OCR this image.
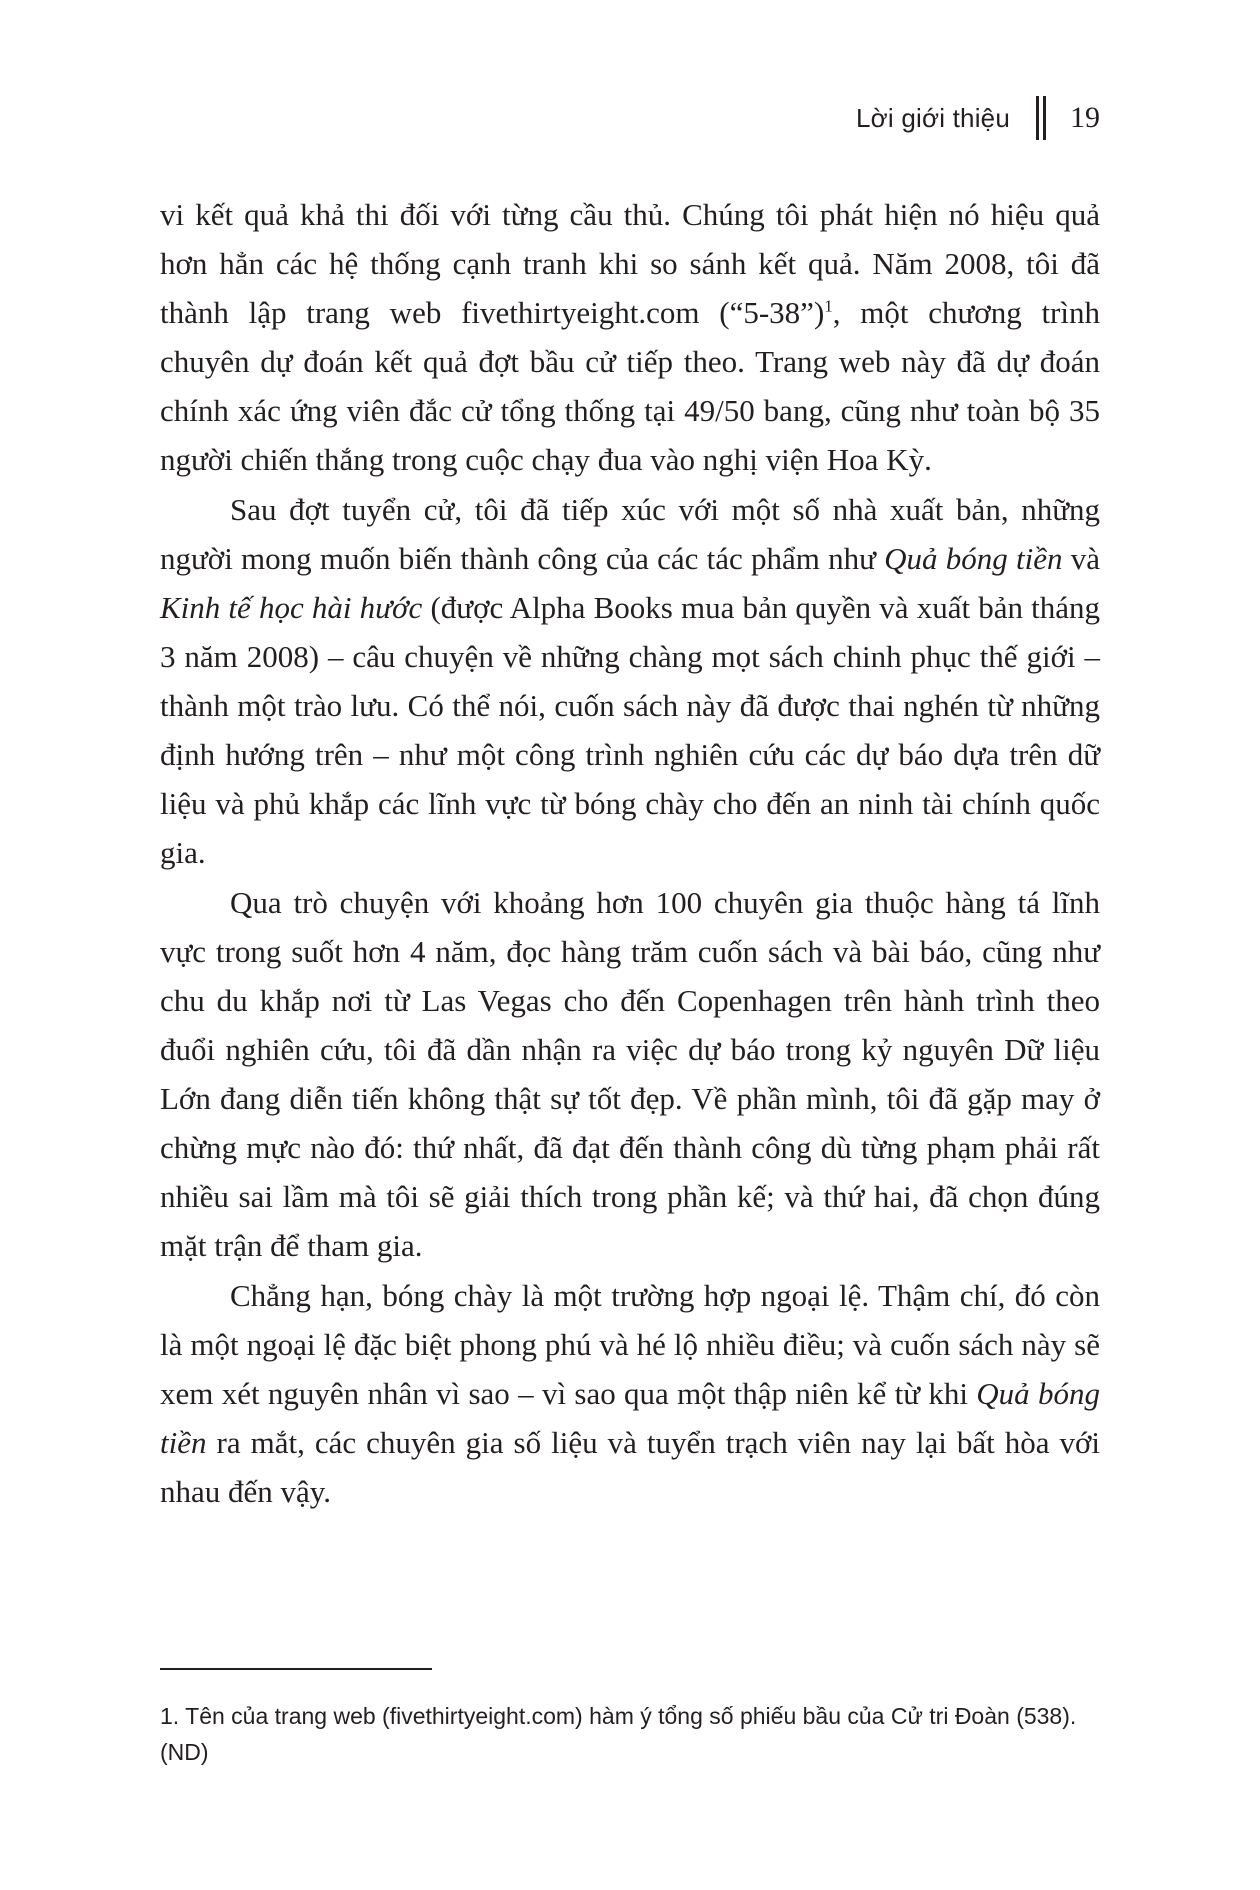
Lời giới thiệu 19

vi kết quả khả thi đối với từng cầu thủ. Chúng tôi phát hiện nó hiệu quả hơn hẳn các hệ thống cạnh tranh khi so sánh kết quả. Năm 2008, tôi đã thành lập trang web fivethirtyeight.com (“5-38”)$^1$, một chương trình chuyên dự đoán kết quả đợt bầu cử tiếp theo. Trang web này đã dự đoán chính xác ứng viên đắc cử tổng thống tại 49/50 bang, cũng như toàn bộ 35 người chiến thắng trong cuộc chạy đua vào nghị viện Hoa Kỳ.

Sau đợt tuyển cử, tôi đã tiếp xúc với một số nhà xuất bản, những người mong muốn biến thành công của các tác phẩm như Quả bóng tiền và Kinh tế học hài hước (được Alpha Books mua bản quyền và xuất bản tháng 3 năm 2008) – câu chuyện về những chàng mọt sách chinh phục thế giới – thành một trào lưu. Có thể nói, cuốn sách này đã được thai nghén từ những định hướng trên – như một công trình nghiên cứu các dự báo dựa trên dữ liệu và phủ khắp các lĩnh vực từ bóng chày cho đến an ninh tài chính quốc gia.

Qua trò chuyện với khoảng hơn 100 chuyên gia thuộc hàng tá lĩnh vực trong suốt hơn 4 năm, đọc hàng trăm cuốn sách và bài báo, cũng như chu du khắp nơi từ Las Vegas cho đến Copenhagen trên hành trình theo đuổi nghiên cứu, tôi đã dần nhận ra việc dự báo trong kỷ nguyên Dữ liệu Lớn đang diễn tiến không thật sự tốt đẹp. Về phần mình, tôi đã gặp may ở chừng mực nào đó: thứ nhất, đã đạt đến thành công dù từng phạm phải rất nhiều sai lầm mà tôi sẽ giải thích trong phần kế; và thứ hai, đã chọn đúng mặt trận để tham gia.

Chẳng hạn, bóng chày là một trường hợp ngoại lệ. Thậm chí, đó còn là một ngoại lệ đặc biệt phong phú và hé lộ nhiều điều; và cuốn sách này sẽ xem xét nguyên nhân vì sao – vì sao qua một thập niên kể từ khi Quả bóng tiền ra mắt, các chuyên gia số liệu và tuyển trạch viên nay lại bất hòa với nhau đến vậy.

1. Tên của trang web (fivethirtyeight.com) hàm ý tổng số phiếu bầu của Cử tri Đoàn (538). (ND)
